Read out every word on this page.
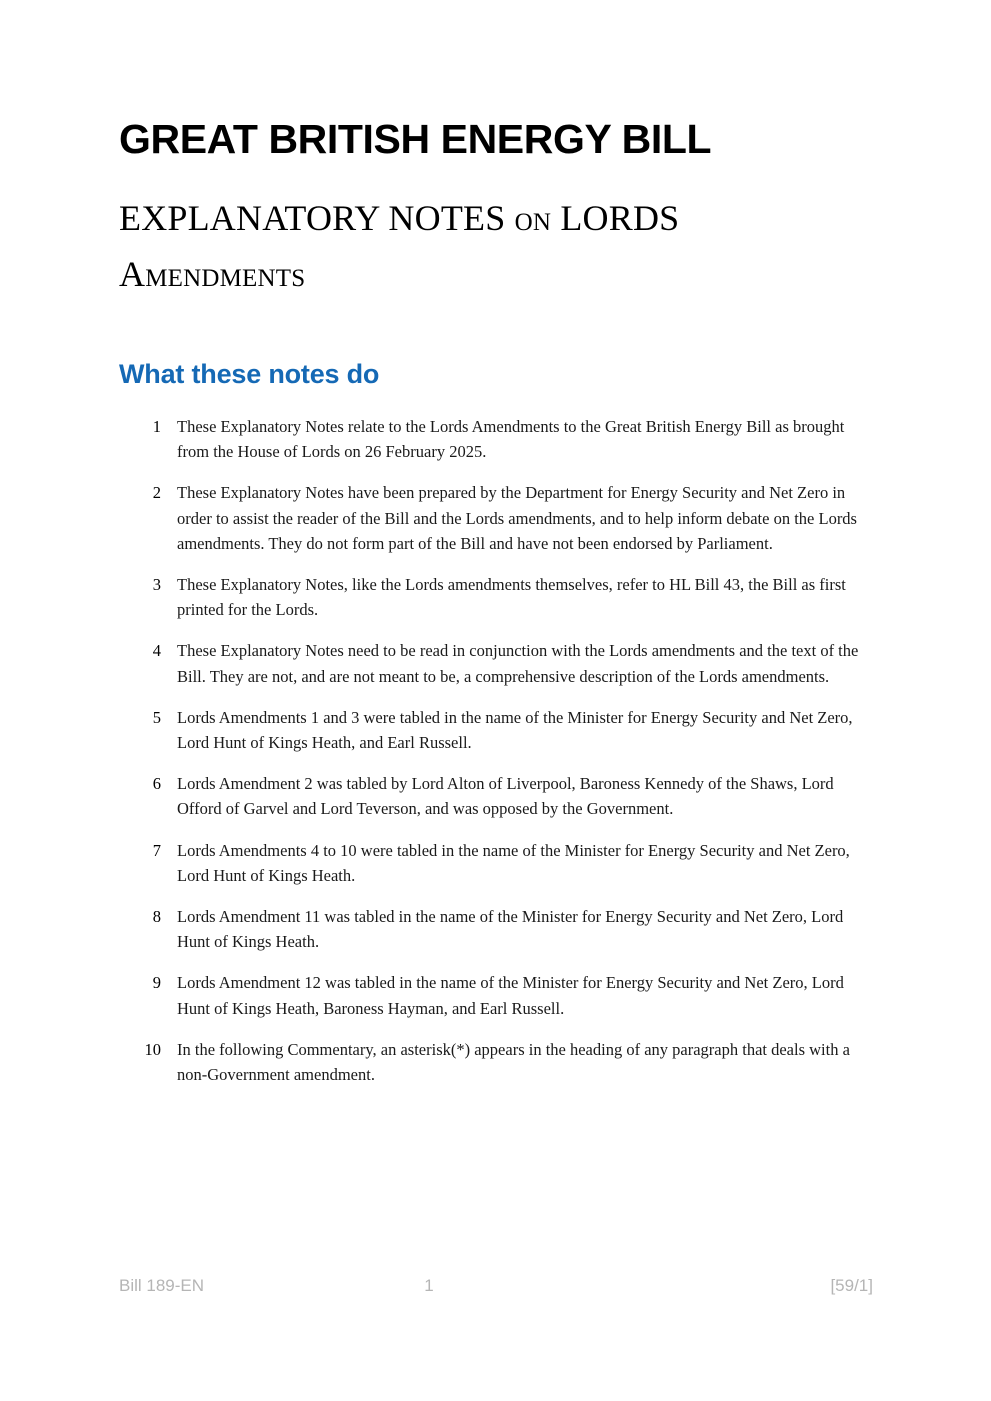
GREAT BRITISH ENERGY BILL
EXPLANATORY NOTES on LORDS
Amendments
What these notes do
1 These Explanatory Notes relate to the Lords Amendments to the Great British Energy Bill as brought from the House of Lords on 26 February 2025.
2 These Explanatory Notes have been prepared by the Department for Energy Security and Net Zero in order to assist the reader of the Bill and the Lords amendments, and to help inform debate on the Lords amendments. They do not form part of the Bill and have not been endorsed by Parliament.
3 These Explanatory Notes, like the Lords amendments themselves, refer to HL Bill 43, the Bill as first printed for the Lords.
4 These Explanatory Notes need to be read in conjunction with the Lords amendments and the text of the Bill. They are not, and are not meant to be, a comprehensive description of the Lords amendments.
5 Lords Amendments 1 and 3 were tabled in the name of the Minister for Energy Security and Net Zero, Lord Hunt of Kings Heath, and Earl Russell.
6 Lords Amendment 2 was tabled by Lord Alton of Liverpool, Baroness Kennedy of the Shaws, Lord Offord of Garvel and Lord Teverson, and was opposed by the Government.
7 Lords Amendments 4 to 10 were tabled in the name of the Minister for Energy Security and Net Zero, Lord Hunt of Kings Heath.
8 Lords Amendment 11 was tabled in the name of the Minister for Energy Security and Net Zero, Lord Hunt of Kings Heath.
9 Lords Amendment 12 was tabled in the name of the Minister for Energy Security and Net Zero, Lord Hunt of Kings Heath, Baroness Hayman, and Earl Russell.
10 In the following Commentary, an asterisk(*) appears in the heading of any paragraph that deals with a non-Government amendment.
Bill 189-EN	1	[59/1]
